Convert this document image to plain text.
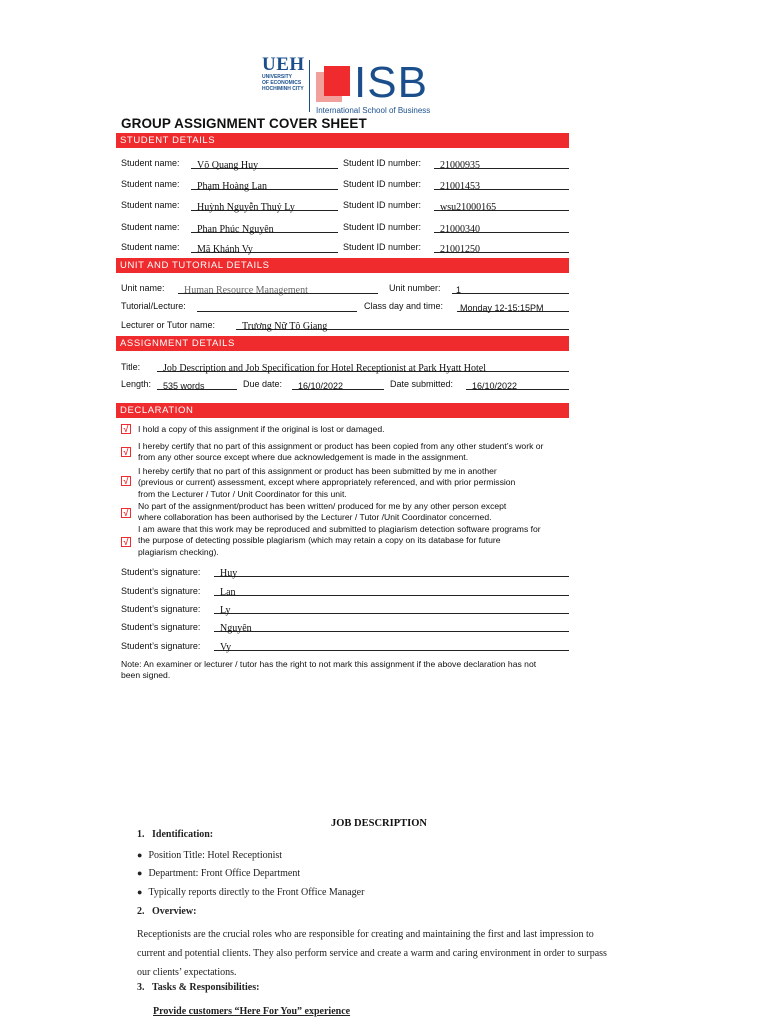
UEH
UNIVERSITY
OF ECONOMICS
HOCHIMINH CITY ISB
International School of Business
GROUP ASSIGNMENT COVER SHEET
STUDENT DETAILS
Student name:	Võ Quang Huy	Student ID number:	21000935
Student name:	Phạm Hoàng Lan	Student ID number:	21001453
Student name:	Huỳnh Nguyễn Thuỷ Ly	Student ID number:	wsu21000165
Student name:	Phan Phúc Nguyên	Student ID number:	21000340
Student name:	Mã Khánh Vy	Student ID number:	21001250
UNIT AND TUTORIAL DETAILS
Unit name:	Human Resource Management	Unit number:	1
Tutorial/Lecture:	Class day and time:	Monday 12-15:15PM
Lecturer or Tutor name:	Trương Nữ Tô Giang
ASSIGNMENT DETAILS
Title:	Job Description and Job Specification for Hotel Receptionist at Park Hyatt Hotel
Length:	535 words	Due date:	16/10/2022	Date submitted:	16/10/2022
DECLARATION
√ I hold a copy of this assignment if the original is lost or damaged.
√
I hereby certify that no part of this assignment or product has been copied from any other student’s work or
from any other source except where due acknowledgement is made in the assignment.
√
I hereby certify that no part of this assignment or product has been submitted by me in another
(previous or current) assessment, except where appropriately referenced, and with prior permission
from the Lecturer / Tutor / Unit Coordinator for this unit.
√
No part of the assignment/product has been written/ produced for me by any other person except
where collaboration has been authorised by the Lecturer / Tutor /Unit Coordinator concerned.
√
I am aware that this work may be reproduced and submitted to plagiarism detection software programs for
the purpose of detecting possible plagiarism (which may retain a copy on its database for future
plagiarism checking).
Student’s signature:	Huy
Student’s signature:	Lan
Student’s signature:	Ly
Student’s signature:	Nguyên
Student’s signature:	Vy
Note: An examiner or lecturer / tutor has the right to not mark this assignment if the above declaration has not
been signed.
JOB DESCRIPTION
1. Identification:
● Position Title: Hotel Receptionist
● Department: Front Office Department
● Typically reports directly to the Front Office Manager
2. Overview:
Receptionists are the crucial roles who are responsible for creating and maintaining the first and last impression to
current and potential clients. They also perform service and create a warm and caring environment in order to surpass
our clients’ expectations.
3. Tasks & Responsibilities:
Provide customers “Here For You” experience
